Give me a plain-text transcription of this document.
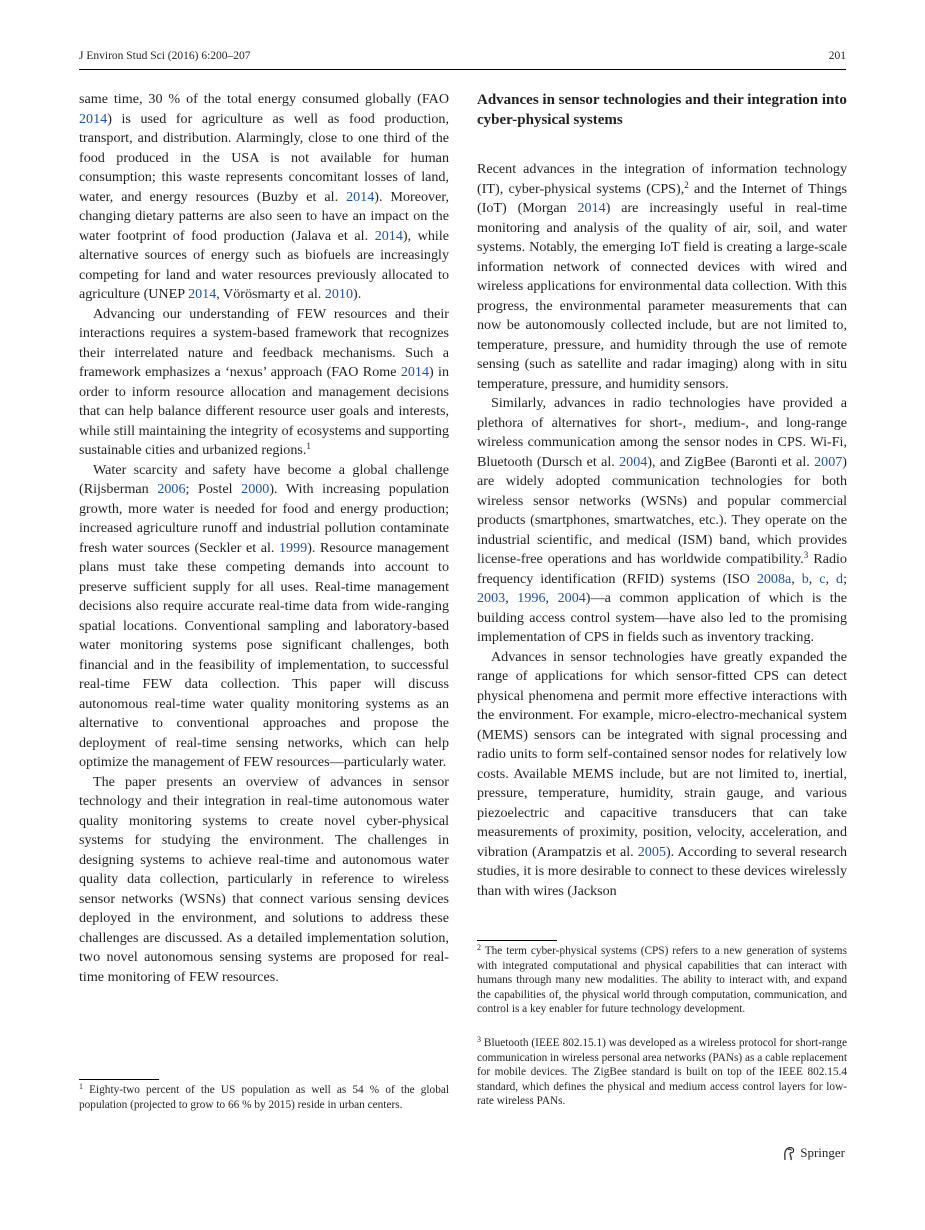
J Environ Stud Sci (2016) 6:200–207	201

same time, 30 % of the total energy consumed globally (FAO 2014) is used for agriculture as well as food production, transport, and distribution. Alarmingly, close to one third of the food produced in the USA is not available for human consumption; this waste represents concomitant losses of land, water, and energy resources (Buzby et al. 2014). Moreover, changing dietary patterns are also seen to have an impact on the water footprint of food production (Jalava et al. 2014), while alternative sources of energy such as biofuels are increasingly competing for land and water resources previously allocated to agriculture (UNEP 2014, Vörösmarty et al. 2010).

Advancing our understanding of FEW resources and their interactions requires a system-based framework that recognizes their interrelated nature and feedback mechanisms. Such a framework emphasizes a ‘nexus’ approach (FAO Rome 2014) in order to inform resource allocation and management decisions that can help balance different resource user goals and interests, while still maintaining the integrity of ecosystems and supporting sustainable cities and urbanized regions.$^1$

Water scarcity and safety have become a global challenge (Rijsberman 2006; Postel 2000). With increasing population growth, more water is needed for food and energy production; increased agriculture runoff and industrial pollution contaminate fresh water sources (Seckler et al. 1999). Resource management plans must take these competing demands into account to preserve sufficient supply for all uses. Real-time management decisions also require accurate real-time data from wide-ranging spatial locations. Conventional sampling and laboratory-based water monitoring systems pose significant challenges, both financial and in the feasibility of implementation, to successful real-time FEW data collection. This paper will discuss autonomous real-time water quality monitoring systems as an alternative to conventional approaches and propose the deployment of real-time sensing networks, which can help optimize the management of FEW resources—particularly water.

The paper presents an overview of advances in sensor technology and their integration in real-time autonomous water quality monitoring systems to create novel cyber-physical systems for studying the environment. The challenges in designing systems to achieve real-time and autonomous water quality data collection, particularly in reference to wireless sensor networks (WSNs) that connect various sensing devices deployed in the environment, and solutions to address these challenges are discussed. As a detailed implementation solution, two novel autonomous sensing systems are proposed for real-time monitoring of FEW resources.

$^1$ Eighty-two percent of the US population as well as 54 % of the global population (projected to grow to 66 % by 2015) reside in urban centers.

Advances in sensor technologies and their integration into cyber-physical systems

Recent advances in the integration of information technology (IT), cyber-physical systems (CPS),$^2$ and the Internet of Things (IoT) (Morgan 2014) are increasingly useful in real-time monitoring and analysis of the quality of air, soil, and water systems. Notably, the emerging IoT field is creating a large-scale information network of connected devices with wired and wireless applications for environmental data collection. With this progress, the environmental parameter measurements that can now be autonomously collected include, but are not limited to, temperature, pressure, and humidity through the use of remote sensing (such as satellite and radar imaging) along with in situ temperature, pressure, and humidity sensors.

Similarly, advances in radio technologies have provided a plethora of alternatives for short-, medium-, and long-range wireless communication among the sensor nodes in CPS. Wi-Fi, Bluetooth (Dursch et al. 2004), and ZigBee (Baronti et al. 2007) are widely adopted communication technologies for both wireless sensor networks (WSNs) and popular commercial products (smartphones, smartwatches, etc.). They operate on the industrial scientific, and medical (ISM) band, which provides license-free operations and has worldwide compatibility.$^3$ Radio frequency identification (RFID) systems (ISO 2008a, b, c, d; 2003, 1996, 2004)—a common application of which is the building access control system—have also led to the promising implementation of CPS in fields such as inventory tracking.

Advances in sensor technologies have greatly expanded the range of applications for which sensor-fitted CPS can detect physical phenomena and permit more effective interactions with the environment. For example, micro-electro-mechanical system (MEMS) sensors can be integrated with signal processing and radio units to form self-contained sensor nodes for relatively low costs. Available MEMS include, but are not limited to, inertial, pressure, temperature, humidity, strain gauge, and various piezoelectric and capacitive transducers that can take measurements of proximity, position, velocity, acceleration, and vibration (Arampatzis et al. 2005). According to several research studies, it is more desirable to connect to these devices wirelessly than with wires (Jackson

$^2$ The term cyber-physical systems (CPS) refers to a new generation of systems with integrated computational and physical capabilities that can interact with humans through many new modalities. The ability to interact with, and expand the capabilities of, the physical world through computation, communication, and control is a key enabler for future technology development.

$^3$ Bluetooth (IEEE 802.15.1) was developed as a wireless protocol for short-range communication in wireless personal area networks (PANs) as a cable replacement for mobile devices. The ZigBee standard is built on top of the IEEE 802.15.4 standard, which defines the physical and medium access control layers for low-rate wireless PANs.

Springer
